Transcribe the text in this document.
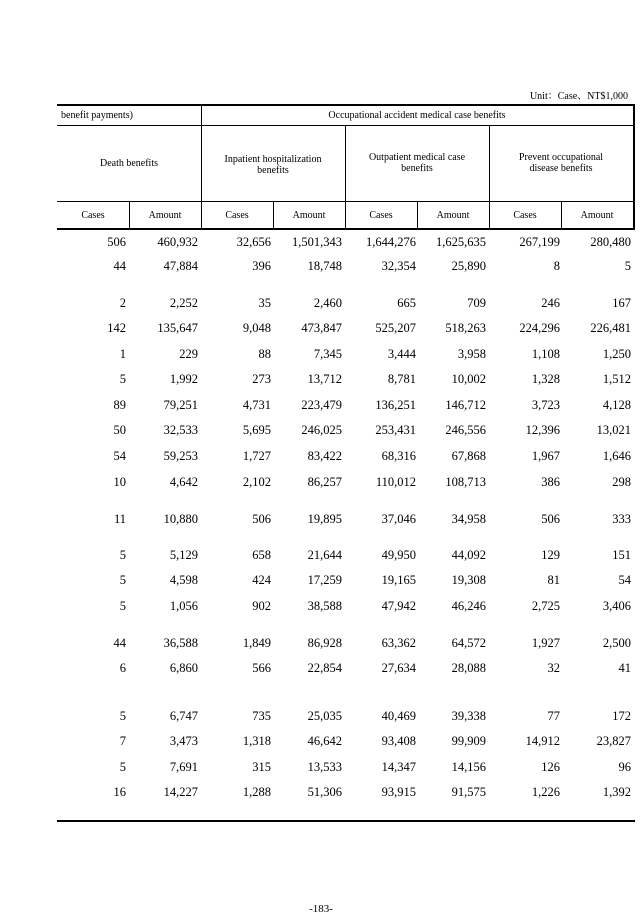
Unit：Case、NT$1,000
benefit payments)	Occupational accident medical case benefits
Death benefits	Inpatient hospitalization
benefits
Outpatient medical case
benefits
Prevent occupational
disease benefits
Cases	Amount	Cases	Amount	Cases	Amount	Cases	Amount
506	460,932	32,656	1,501,343	1,644,276	1,625,635	267,199	280,480
44	47,884	396	18,748	32,354	25,890	8	5
2	2,252	35	2,460	665	709	246	167
142	135,647	9,048	473,847	525,207	518,263	224,296	226,481
1	229	88	7,345	3,444	3,958	1,108	1,250
5	1,992	273	13,712	8,781	10,002	1,328	1,512
89	79,251	4,731	223,479	136,251	146,712	3,723	4,128
50	32,533	5,695	246,025	253,431	246,556	12,396	13,021
54	59,253	1,727	83,422	68,316	67,868	1,967	1,646
10	4,642	2,102	86,257	110,012	108,713	386	298
11	10,880	506	19,895	37,046	34,958	506	333
5	5,129	658	21,644	49,950	44,092	129	151
5	4,598	424	17,259	19,165	19,308	81	54
5	1,056	902	38,588	47,942	46,246	2,725	3,406
44	36,588	1,849	86,928	63,362	64,572	1,927	2,500
6	6,860	566	22,854	27,634	28,088	32	41
5	6,747	735	25,035	40,469	39,338	77	172
7	3,473	1,318	46,642	93,408	99,909	14,912	23,827
5	7,691	315	13,533	14,347	14,156	126	96
16	14,227	1,288	51,306	93,915	91,575	1,226	1,392
-183-
